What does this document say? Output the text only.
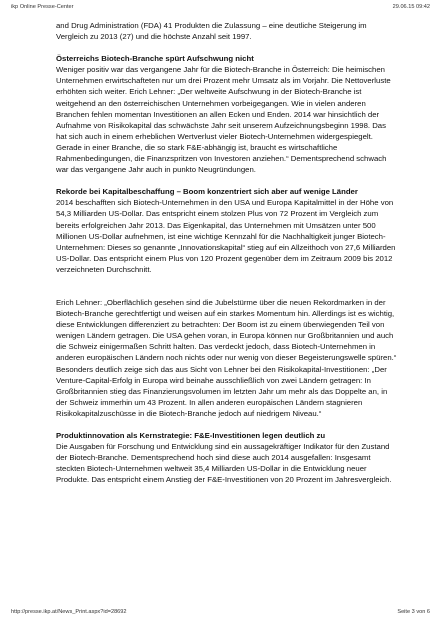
ikp Online Presse-Center	29.06.15 09:42

and Drug Administration (FDA) 41 Produkten die Zulassung – eine deutliche Steigerung im
Vergleich zu 2013 (27) und die höchste Anzahl seit 1997.

Österreichs Biotech-Branche spürt Aufschwung nicht

Weniger positiv war das vergangene Jahr für die Biotech-Branche in Österreich: Die heimischen
Unternehmen erwirtschafteten nur um drei Prozent mehr Umsatz als im Vorjahr. Die Nettoverluste
erhöhten sich weiter. Erich Lehner: „Der weltweite Aufschwung in der Biotech-Branche ist
weitgehend an den österreichischen Unternehmen vorbeigegangen. Wie in vielen anderen
Branchen fehlen momentan Investitionen an allen Ecken und Enden. 2014 war hinsichtlich der
Aufnahme von Risikokapital das schwächste Jahr seit unserem Aufzeichnungsbeginn 1998. Das
hat sich auch in einem erheblichen Wertverlust vieler Biotech-Unternehmen widergespiegelt.
Gerade in einer Branche, die so stark F&E-abhängig ist, braucht es wirtschaftliche
Rahmenbedingungen, die Finanzspritzen von Investoren anziehen.“ Dementsprechend schwach
war das vergangene Jahr auch in punkto Neugründungen.

Rekorde bei Kapitalbeschaffung – Boom konzentriert sich aber auf wenige Länder

2014 beschafften sich Biotech-Unternehmen in den USA und Europa Kapitalmittel in der Höhe von
54,3 Milliarden US-Dollar. Das entspricht einem stolzen Plus von 72 Prozent im Vergleich zum
bereits erfolgreichen Jahr 2013. Das Eigenkapital, das Unternehmen mit Umsätzen unter 500
Millionen US-Dollar aufnehmen, ist eine wichtige Kennzahl für die Nachhaltigkeit junger Biotech-
Unternehmen: Dieses so genannte „Innovationskapital“ stieg auf ein Allzeithoch von 27,6 Milliarden
US-Dollar. Das entspricht einem Plus von 120 Prozent gegenüber dem im Zeitraum 2009 bis 2012
verzeichneten Durchschnitt.

Erich Lehner: „Oberflächlich gesehen sind die Jubelstürme über die neuen Rekordmarken in der
Biotech-Branche gerechtfertigt und weisen auf ein starkes Momentum hin. Allerdings ist es wichtig,
diese Entwicklungen differenziert zu betrachten: Der Boom ist zu einem überwiegenden Teil von
wenigen Ländern getragen. Die USA gehen voran, in Europa können nur Großbritannien und auch
die Schweiz einigermaßen Schritt halten. Das verdeckt jedoch, dass Biotech-Unternehmen in
anderen europäischen Ländern noch nichts oder nur wenig von dieser Begeisterungswelle spüren.“
Besonders deutlich zeige sich das aus Sicht von Lehner bei den Risikokapital-Investitionen: „Der
Venture-Capital-Erfolg in Europa wird beinahe ausschließlich von zwei Ländern getragen: In
Großbritannien stieg das Finanzierungsvolumen im letzten Jahr um mehr als das Doppelte an, in
der Schweiz immerhin um 43 Prozent. In allen anderen europäischen Ländern stagnieren
Risikokapitalzuschüsse in die Biotech-Branche jedoch auf niedrigem Niveau.“

Produktinnovation als Kernstrategie: F&E-Investitionen legen deutlich zu

Die Ausgaben für Forschung und Entwicklung sind ein aussagekräftiger Indikator für den Zustand
der Biotech-Branche. Dementsprechend hoch sind diese auch 2014 ausgefallen: Insgesamt
steckten Biotech-Unternehmen weltweit 35,4 Milliarden US-Dollar in die Entwicklung neuer
Produkte. Das entspricht einem Anstieg der F&E-Investitionen von 20 Prozent im Jahresvergleich.

http://presse.ikp.at/News_Print.aspx?id=28692	Seite 3 von 6
